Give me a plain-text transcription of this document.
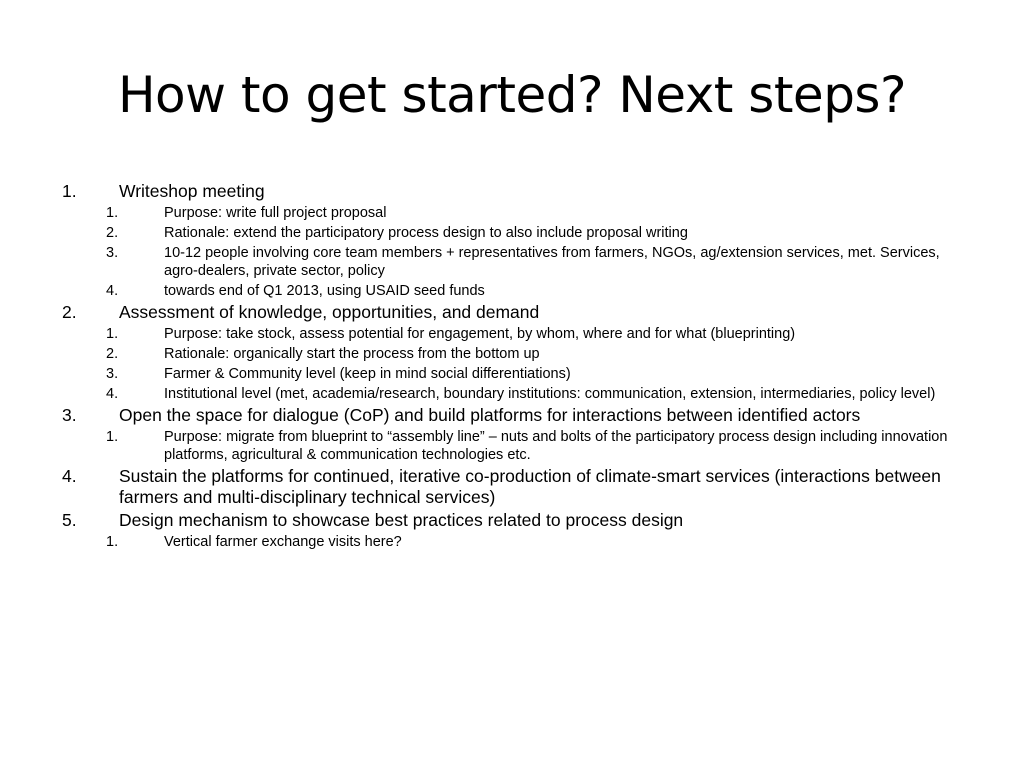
How to get started? Next steps?

1. Writeshop meeting

1.	Purpose: write full project proposal

2.	Rationale: extend the participatory process design to also include proposal writing

3.	10-12 people involving core team members + representatives from farmers, NGOs, ag/extension services, met. Services, agro-dealers, private sector, policy

4.	towards end of Q1 2013, using USAID seed funds

2. Assessment of knowledge, opportunities, and demand

1.	Purpose: take stock, assess potential for engagement, by whom, where and for what (blueprinting)

2.	Rationale: organically start the process from the bottom up

3.	Farmer & Community level (keep in mind social differentiations)

4.	Institutional level (met, academia/research, boundary institutions: communication, extension, intermediaries, policy level)

3. Open the space for dialogue (CoP) and build platforms for interactions between identified actors

1.	Purpose: migrate from blueprint to “assembly line” – nuts and bolts of the participatory process design including innovation platforms, agricultural & communication technologies etc.

4. Sustain the platforms for continued, iterative co-production of climate-smart services (interactions between farmers and multi-disciplinary technical services)

5. Design mechanism to showcase best practices related to process design

1.	Vertical farmer exchange visits here?
